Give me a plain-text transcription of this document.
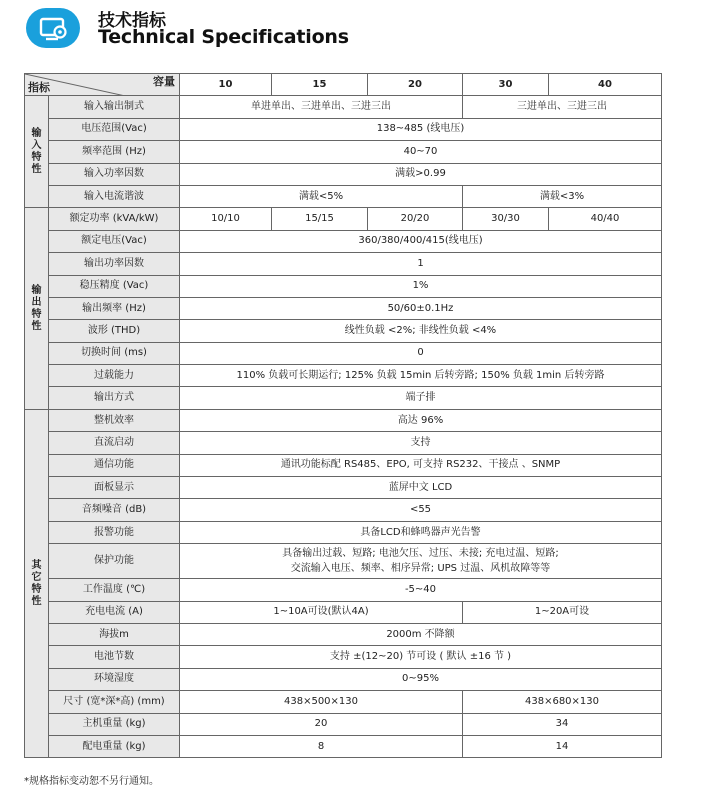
技术指标
Technical Specifications
容量
指标		10	15	20	30	40
输
入
特
性	输入输出制式	单进单出、三进单出、三进三出			三进单出、三进三出	
	电压范围(Vac)	138~485 (线电压)				
	频率范围 (Hz)	40~70				
	输入功率因数	满载>0.99				
	输入电流谐波	满载<5%			满载<3%	
输
出
特
性	额定功率 (kVA/kW)	10/10	15/15	20/20	30/30	40/40
	额定电压(Vac)	360/380/400/415(线电压)				
	输出功率因数	1				
	稳压精度 (Vac)	1%				
	输出频率 (Hz)	50/60±0.1Hz				
	波形 (THD)	线性负载 <2%; 非线性负载 <4%				
	切换时间 (ms)	0				
	过载能力	110% 负载可长期运行; 125% 负载 15min 后转旁路; 150% 负载 1min 后转旁路				
	输出方式	端子排				
其
它
特
性	整机效率	高达 96%				
	直流启动	支持				
	通信功能	通讯功能标配 RS485、EPO, 可支持 RS232、干接点 、SNMP				
	面板显示	蓝屏中文 LCD				
	音频噪音 (dB)	<55				
	报警功能	具备LCD和蜂鸣器声光告警				
	保护功能	具备输出过载、短路; 电池欠压、过压、未接; 充电过温、短路;
交流输入电压、频率、相序异常; UPS 过温、风机故障等等				

	工作温度 (℃)	-5~40				
	充电电流 (A)	1~10A可设(默认4A)			1~20A可设	
	海拔m	2000m 不降额				
	电池节数	支持 ±(12~20) 节可设 ( 默认 ±16 节 )				
	环境湿度	0~95%				
	尺寸 (宽*深*高) (mm)	438×500×130			438×680×130	
	主机重量 (kg)	20			34	
	配电重量 (kg)	8			14	
*规格指标变动恕不另行通知。
